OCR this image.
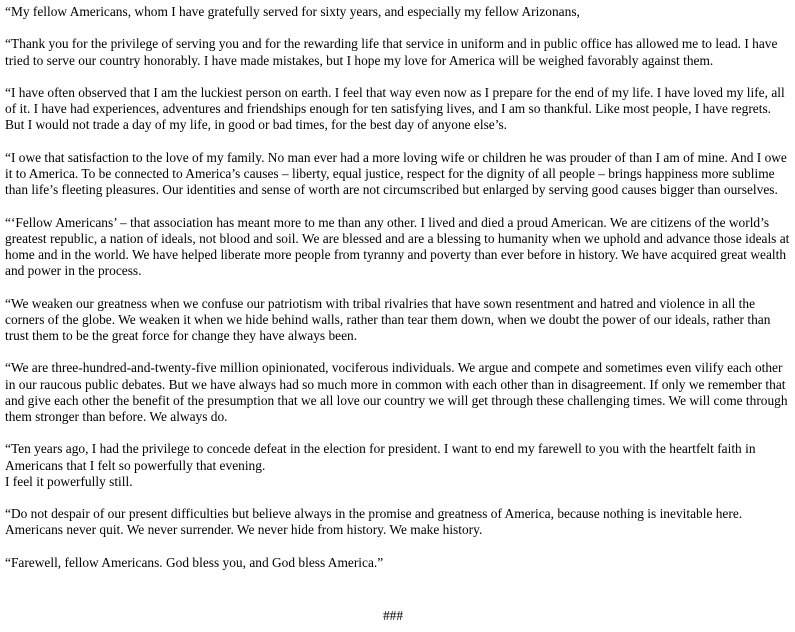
“My fellow Americans, whom I have gratefully served for sixty years, and especially my fellow Arizonans,

“Thank you for the privilege of serving you and for the rewarding life that service in uniform and in public office has allowed me to lead. I have tried to serve our country honorably. I have made mistakes, but I hope my love for America will be weighed favorably against them.

“I have often observed that I am the luckiest person on earth. I feel that way even now as I prepare for the end of my life. I have loved my life, all of it. I have had experiences, adventures and friendships enough for ten satisfying lives, and I am so thankful. Like most people, I have regrets. But I would not trade a day of my life, in good or bad times, for the best day of anyone else’s.

“I owe that satisfaction to the love of my family. No man ever had a more loving wife or children he was prouder of than I am of mine. And I owe it to America. To be connected to America’s causes – liberty, equal justice, respect for the dignity of all people – brings happiness more sublime than life’s fleeting pleasures. Our identities and sense of worth are not circumscribed but enlarged by serving good causes bigger than ourselves.

“‘Fellow Americans’ – that association has meant more to me than any other. I lived and died a proud American. We are citizens of the world’s greatest republic, a nation of ideals, not blood and soil. We are blessed and are a blessing to humanity when we uphold and advance those ideals at home and in the world. We have helped liberate more people from tyranny and poverty than ever before in history. We have acquired great wealth and power in the process.

“We weaken our greatness when we confuse our patriotism with tribal rivalries that have sown resentment and hatred and violence in all the corners of the globe. We weaken it when we hide behind walls, rather than tear them down, when we doubt the power of our ideals, rather than trust them to be the great force for change they have always been.

“We are three-hundred-and-twenty-five million opinionated, vociferous individuals. We argue and compete and sometimes even vilify each other in our raucous public debates. But we have always had so much more in common with each other than in disagreement. If only we remember that and give each other the benefit of the presumption that we all love our country we will get through these challenging times. We will come through them stronger than before. We always do.

“Ten years ago, I had the privilege to concede defeat in the election for president. I want to end my farewell to you with the heartfelt faith in Americans that I felt so powerfully that evening.
I feel it powerfully still.

“Do not despair of our present difficulties but believe always in the promise and greatness of America, because nothing is inevitable here. Americans never quit. We never surrender. We never hide from history. We make history.

“Farewell, fellow Americans. God bless you, and God bless America.”

###
